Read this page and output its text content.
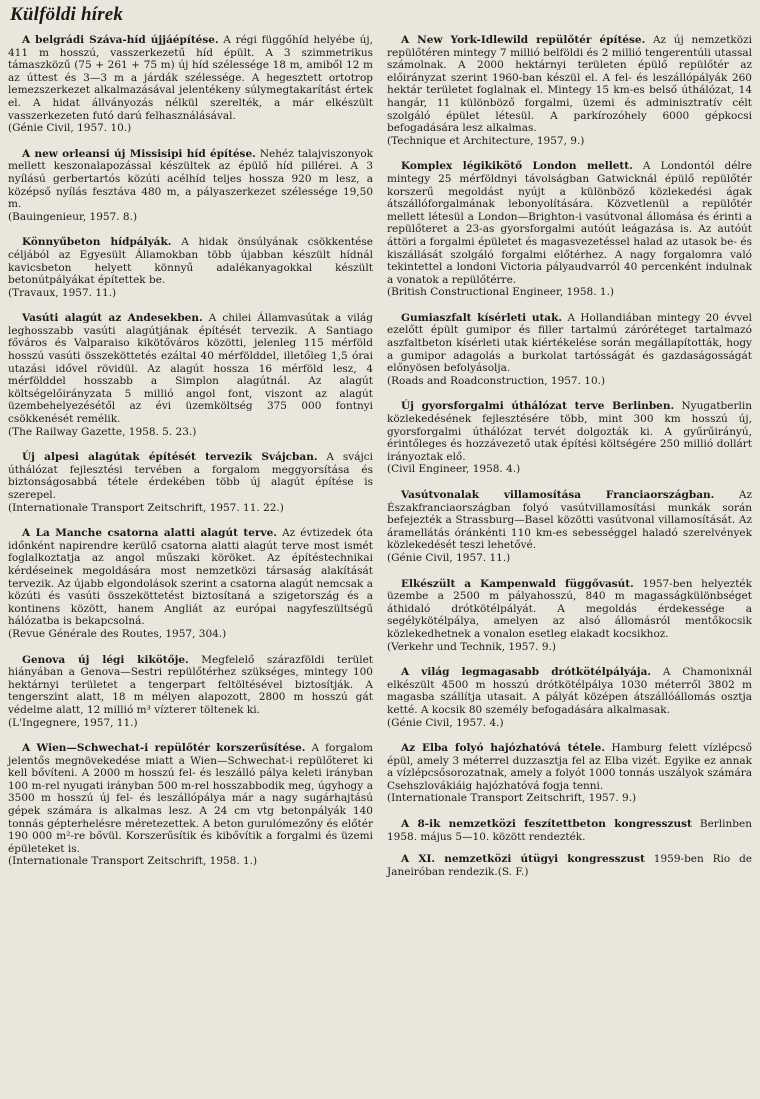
Külföldi hírek

A belgrádi Száva-híd újjáépítése. A régi függőhíd helyébe új, 411 m hosszú, vasszerkezetű híd épült. A 3 szimmetrikus támaszközű (75 + 261 + 75 m) új híd szélessége 18 m, amiből 12 m az úttest és 3—3 m a járdák szélessége. A hegesztett ortotrop lemezszerkezet alkalmazásával jelentékeny súlymegtakarítást értek el. A hidat állványozás nélkül szerelték, a már elkészült vasszerkezeten futó darú felhasználásával.

(Génie Civil, 1957. 10.)

A new orleansi új Missisipi híd építése. Nehéz talajviszonyok mellett keszonalapozással készültek az épülő híd pillérei. A 3 nyílású gerbertartós közúti acélhíd teljes hossza 920 m lesz, a középső nyílás fesztávа 480 m, a pályaszerkezet szélessége 19,50 m.

(Bauingenieur, 1957. 8.)

Könnyűbeton hídpályák. A hidak önsúlyának csökkentése céljából az Egyesült Államokban több újabban készült hídnál kavicsbeton helyett könnyű adalékanyagokkal készült betonútpályákat építettek be.

(Travaux, 1957. 11.)

Vasúti alagút az Andesekben. A chilei Államvasútak a világ leghosszabb vasúti alagútjának építését tervezik. A Santiago főváros és Valparaiso kikötőváros közötti, jelenleg 115 mérföld hosszú vasúti összeköttetés ezáltal 40 mérfölddel, illetőleg 1,5 órai utazási idővel rövidül. Az alagút hossza 16 mérföld lesz, 4 mérfölddel hosszabb a Simplon alagútnál. Az alagút költségelőirányzata 5 millió angol font, viszont az alagút üzembehelyezésétől az évi üzemköltség 375 000 fontnyi csökkenését remélik.

(The Railway Gazette, 1958. 5. 23.)

Új alpesi alagútak építését tervezik Svájcban. A svájci úthálózat fejlesztési tervében a forgalom meggyorsítása és biztonságosabbá tétele érdekében több új alagút építése is szerepel.

(Internationale Transport Zeitschrift, 1957. 11. 22.)

A La Manche csatorna alatti alagút terve. Az évtizedek óta időnként napirendre kerülő csatorna alatti alagút terve most ismét foglalkoztatja az angol műszaki köröket. Az építéstechnikai kérdéseinek megoldására most nemzetközi társaság alakítását tervezik. Az újabb elgondolások szerint a csatorna alagút nemcsak a közúti és vasúti összeköttetést biztosítaná a szigetország és a kontinens között, hanem Angliát az európai nagyfeszültségű hálózatba is bekapcsolná.

(Revue Générale des Routes, 1957, 304.)

Genova új légi kikötője. Megfelelő szárazföldi terület hiányában a Genova—Sestri repülőtérhez szükséges, mintegy 100 hektárnyi területet a tengerpart feltöltésével biztosítják. A tengerszint alatt, 18 m mélyen alapozott, 2800 m hosszú gát védelme alatt, 12 millió m³ víztereт töltenek ki.

(L'Ingegnere, 1957, 11.)

A Wien—Schwechat-i repülőtér korszerűsítése. A forgalom jelentős megnövekedése miatt a Wien—Schwechat-i repülőteret ki kell bővíteni. A 2000 m hosszú fel- és leszálló pálya keleti irányban 100 m-rel nyugati irányban 500 m-rel hosszabbodik meg, úgyhogy a 3500 m hosszú új fel- és leszállópálya már a nagy sugárhajtású gépek számára is alkalmas lesz. A 24 cm vtg betonpályák 140 tonnás gépterhelésre méretezettek. A beton gurulómezőny és előtér 190 000 m²-re bővül. Korszerűsítik és kibővítik a forgalmi és üzemi épületeket is.

(Internationale Transport Zeitschrift, 1958. 1.)

A New York-Idlewild repülőtér építése. Az új nemzetközi repülőtéren mintegy 7 millió belföldi és 2 millió tengerentúli utassal számolnak. A 2000 hektárnyi területen épülő repülőtér az előirányzat szerint 1960-ban készül el. A fel- és leszállópályák 260 hektár területet foglalnak el. Mintegy 15 km-es belső úthálózat, 14 hangár, 11 különböző forgalmi, üzemi és adminisztratív célt szolgáló épület létesül. A parkírozóhely 6000 gépkocsi befogadására lesz alkalmas.

(Technique et Architecture, 1957, 9.)

Komplex légikikötő London mellett. A Londontól délre mintegy 25 mérföldnyi távolságban Gatwicknál épülő repülőtér korszerű megoldást nyújt a különböző közlekedési ágak átszállóforgalmának lebonyolítására. Közvetlenül a repülőtér mellett létesül a London—Brighton-i vasútvonal állomása és érinti a repülőteret a 23-as gyorsforgalmi autóút leágazása is. Az autóút áttöri a forgalmi épületet és magasvezetéssel halad az utasok be- és kiszállását szolgáló forgalmi előtérhez. A nagy forgalomra való tekintettel a londoni Victoria pályaudvarról 40 percenként indulnak a vonatok a repülőtérre.

(British Constructional Engineer, 1958. 1.)

Gumiaszfalt kísérleti utak. A Hollandiában mintegy 20 évvel ezelőtt épült gumipor és filler tartalmú záróréteget tartalmazó aszfaltbeton kísérleti utak kiértékelése során megállapították, hogy a gumipor adagolás a burkolat tartósságát és gazdaságosságát előnyösen befolyásolja.

(Roads and Roadconstruction, 1957. 10.)

Új gyorsforgalmi úthálózat terve Berlinben. Nyugatberlin közlekedésének fejlesztésére több, mint 300 km hosszú új, gyorsforgalmi úthálózat tervét dolgozták ki. A gyűrűirányú, érintőleges és hozzávezető utak építési költségére 250 millió dollárt irányoztak elő.

(Civil Engineer, 1958. 4.)

Vasútvonalak villamosítása Franciaországban. Az Északfranciaországban folyó vasútvillamosítási munkák során befejezték a Strassburg—Basel közötti vasútvonal villamosítását. Az áramellátás óránkénti 110 km-es sebességgel haladó szerelvények közlekedését teszi lehetővé.

(Génie Civil, 1957. 11.)

Elkészült a Kampenwald függővasút. 1957-ben helyezték üzembe a 2500 m pályahosszú, 840 m magasságkülönbséget áthidaló drótkötélpályát. A megoldás érdekessége a segélykötélpálya, amelyen az alsó állomásról mentőkocsik közlekedhetnek a vonalon esetleg elakadt kocsikhoz.

(Verkehr und Technik, 1957. 9.)

A világ legmagasabb drótkötélpályája. A Chamonixnál elkészült 4500 m hosszú drótkötélpálya 1030 méterről 3802 m magasba szállítja utasait. A pályát középen átszállóállomás osztja ketté. A kocsik 80 személy befogadására alkalmasak.

(Génie Civil, 1957. 4.)

Az Elba folyó hajózhatóvá tétele. Hamburg felett vízlépcső épül, amely 3 méterrel duzzasztja fel az Elba vizét. Egyike ez annak a vízlépcsősorozatnak, amely a folyót 1000 tonnás uszályok számára Csehszlovákiáig hajózhatóvá fogja tenni.

(Internationale Transport Zeitschrift, 1957. 9.)
A 8-ik nemzetközi feszítettbeton kongresszust Berlinben 1958. május 5—10. között rendezték.
A XI. nemzetközi útügyi kongresszust 1959-ben Rio de Janeiróban rendezik.(S. F.)
